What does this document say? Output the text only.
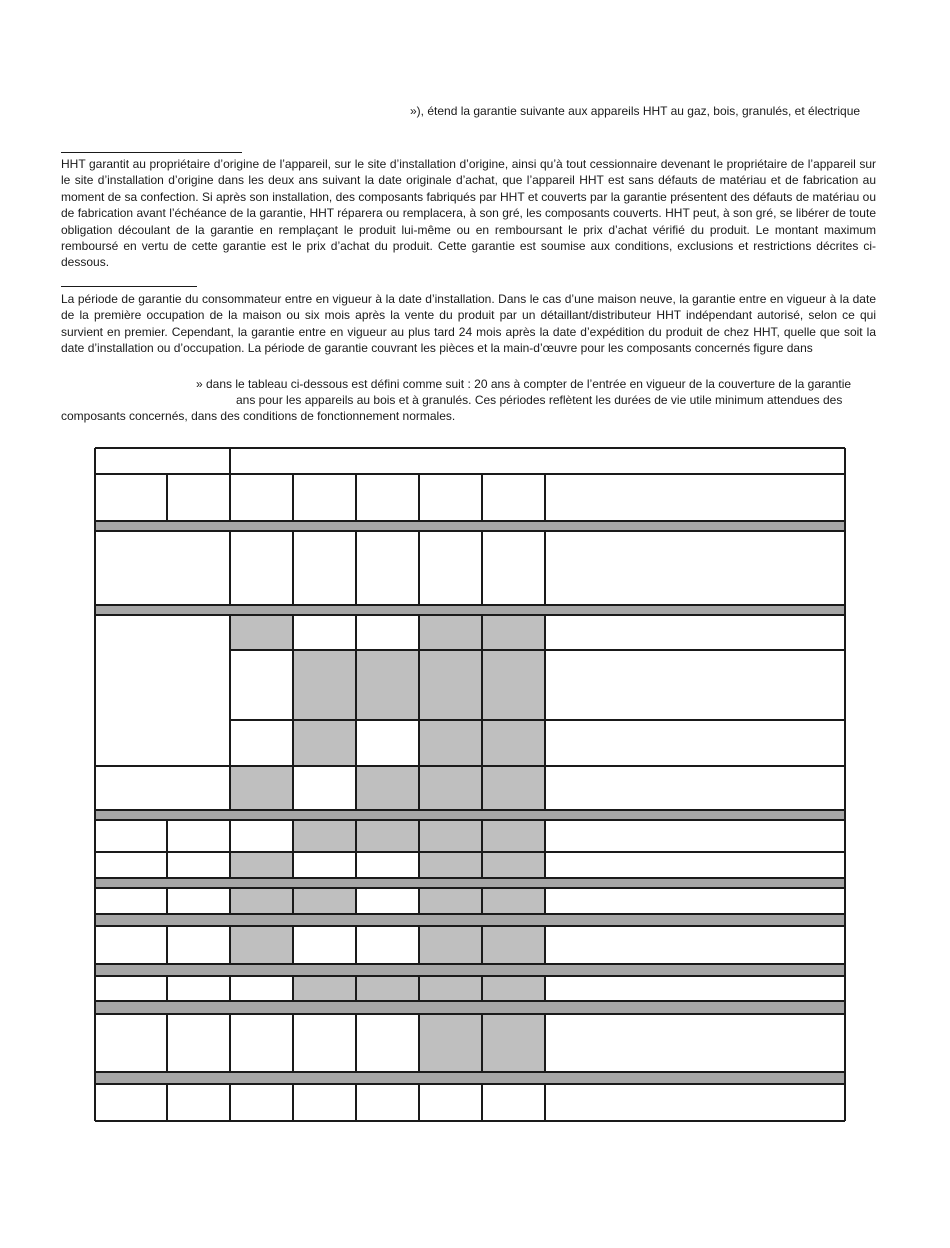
»), étend la garantie suivante aux appareils HHT au gaz, bois, granulés, et électrique

HHT garantit au propriétaire d’origine de l’appareil, sur le site d’installation d’origine, ainsi qu’à tout cessionnaire devenant le propriétaire de l’appareil sur le site d’installation d’origine dans les deux ans suivant la date originale d’achat, que l’appareil HHT est sans défauts de matériau et de fabrication au moment de sa confection. Si après son installation, des composants fabriqués par HHT et couverts par la garantie présentent des défauts de matériau ou de fabrication avant l’échéance de la garantie, HHT réparera ou remplacera, à son gré, les composants couverts. HHT peut, à son gré, se libérer de toute obligation découlant de la garantie en remplaçant le produit lui-même ou en remboursant le prix d’achat vérifié du produit. Le montant maximum remboursé en vertu de cette garantie est le prix d’achat du produit. Cette garantie est soumise aux conditions, exclusions et restrictions décrites ci-dessous.

La période de garantie du consommateur entre en vigueur à la date d’installation. Dans le cas d’une maison neuve, la garantie entre en vigueur à la date de la première occupation de la maison ou six mois après la vente du produit par un détaillant/distributeur HHT indépendant autorisé, selon ce qui survient en premier. Cependant, la garantie entre en vigueur au plus tard 24 mois après la date d’expédition du produit de chez HHT, quelle que soit la date d’installation ou d’occupation. La période de garantie couvrant les pièces et la main-d’œuvre pour les composants concernés figure dans

» dans le tableau ci-dessous est défini comme suit : 20 ans à compter de l’entrée en vigueur de la couverture de la garantie

ans pour les appareils au bois et à granulés. Ces périodes reflètent les durées de vie utile minimum attendues des

composants concernés, dans des conditions de fonctionnement normales.
